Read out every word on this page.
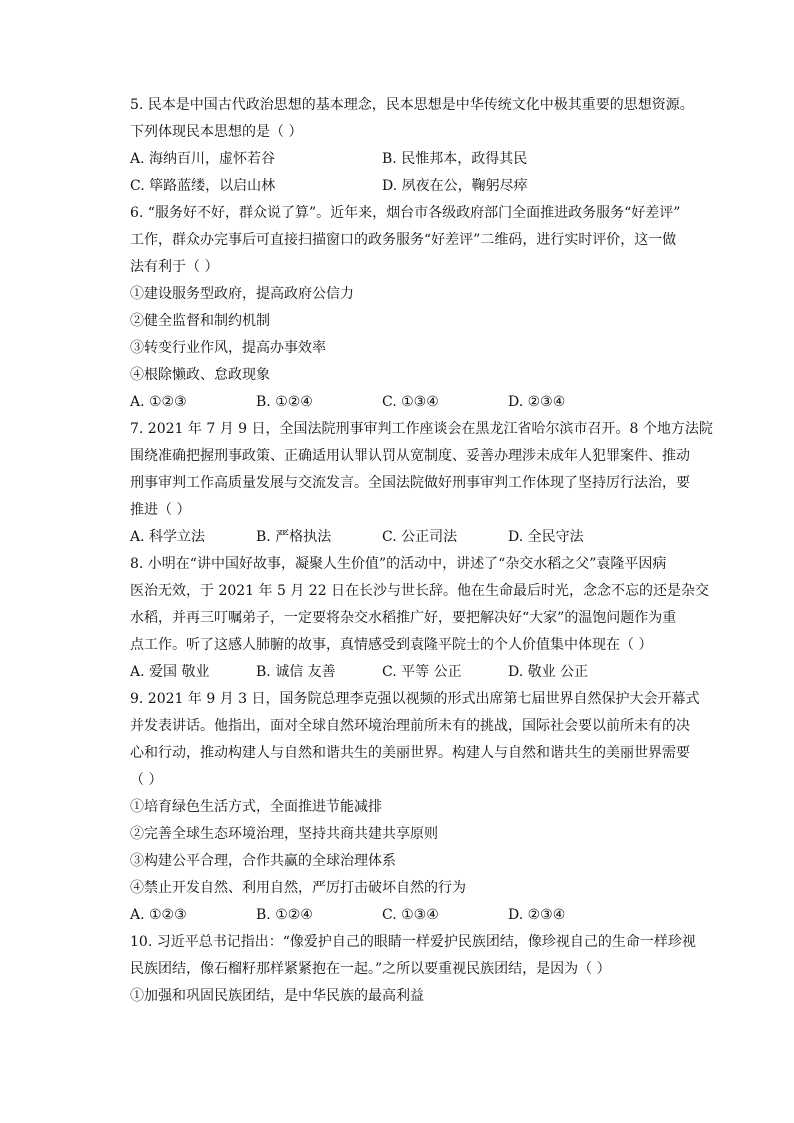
5. 民本是中国古代政治思想的基本理念，民本思想是中华传统文化中极其重要的思想资源。
下列体现民本思想的是（ ）
A. 海纳百川，虚怀若谷	B. 民惟邦本，政得其民
C. 筚路蓝缕，以启山林	D. 夙夜在公，鞠躬尽瘁
6. “服务好不好，群众说了算”。近年来，烟台市各级政府部门全面推进政务服务“好差评”
工作，群众办完事后可直接扫描窗口的政务服务“好差评”二维码，进行实时评价，这一做
法有利于（ ）
①建设服务型政府，提高政府公信力
②健全监督和制约机制
③转变行业作风，提高办事效率
④根除懒政、怠政现象
A. ①②③	B. ①②④	C. ①③④	D. ②③④
7. 2021 年 7 月 9 日，全国法院刑事审判工作座谈会在黑龙江省哈尔滨市召开。8 个地方法院
围绕准确把握刑事政策、正确适用认罪认罚从宽制度、妥善办理涉未成年人犯罪案件、推动
刑事审判工作高质量发展与交流发言。全国法院做好刑事审判工作体现了坚持厉行法治，要
推进（ ）
A. 科学立法	B. 严格执法	C. 公正司法	D. 全民守法
8. 小明在“讲中国好故事，凝聚人生价值”的活动中，讲述了“杂交水稻之父”袁隆平因病
医治无效，于 2021 年 5 月 22 日在长沙与世长辞。他在生命最后时光，念念不忘的还是杂交
水稻，并再三叮嘱弟子，一定要将杂交水稻推广好，要把解决好“大家”的温饱问题作为重
点工作。听了这感人肺腑的故事，真情感受到袁隆平院士的个人价值集中体现在（ ）
A. 爱国 敬业	B. 诚信 友善	C. 平等 公正	D. 敬业 公正
9. 2021 年 9 月 3 日，国务院总理李克强以视频的形式出席第七届世界自然保护大会开幕式
并发表讲话。他指出，面对全球自然环境治理前所未有的挑战，国际社会要以前所未有的决
心和行动，推动构建人与自然和谐共生的美丽世界。构建人与自然和谐共生的美丽世界需要
（ ）
①培育绿色生活方式，全面推进节能减排
②完善全球生态环境治理，坚持共商共建共享原则
③构建公平合理，合作共赢的全球治理体系
④禁止开发自然、利用自然，严厉打击破坏自然的行为
A. ①②③	B. ①②④	C. ①③④	D. ②③④
10. 习近平总书记指出：“像爱护自己的眼睛一样爱护民族团结，像珍视自己的生命一样珍视
民族团结，像石榴籽那样紧紧抱在一起。”之所以要重视民族团结，是因为（ ）
①加强和巩固民族团结，是中华民族的最高利益
